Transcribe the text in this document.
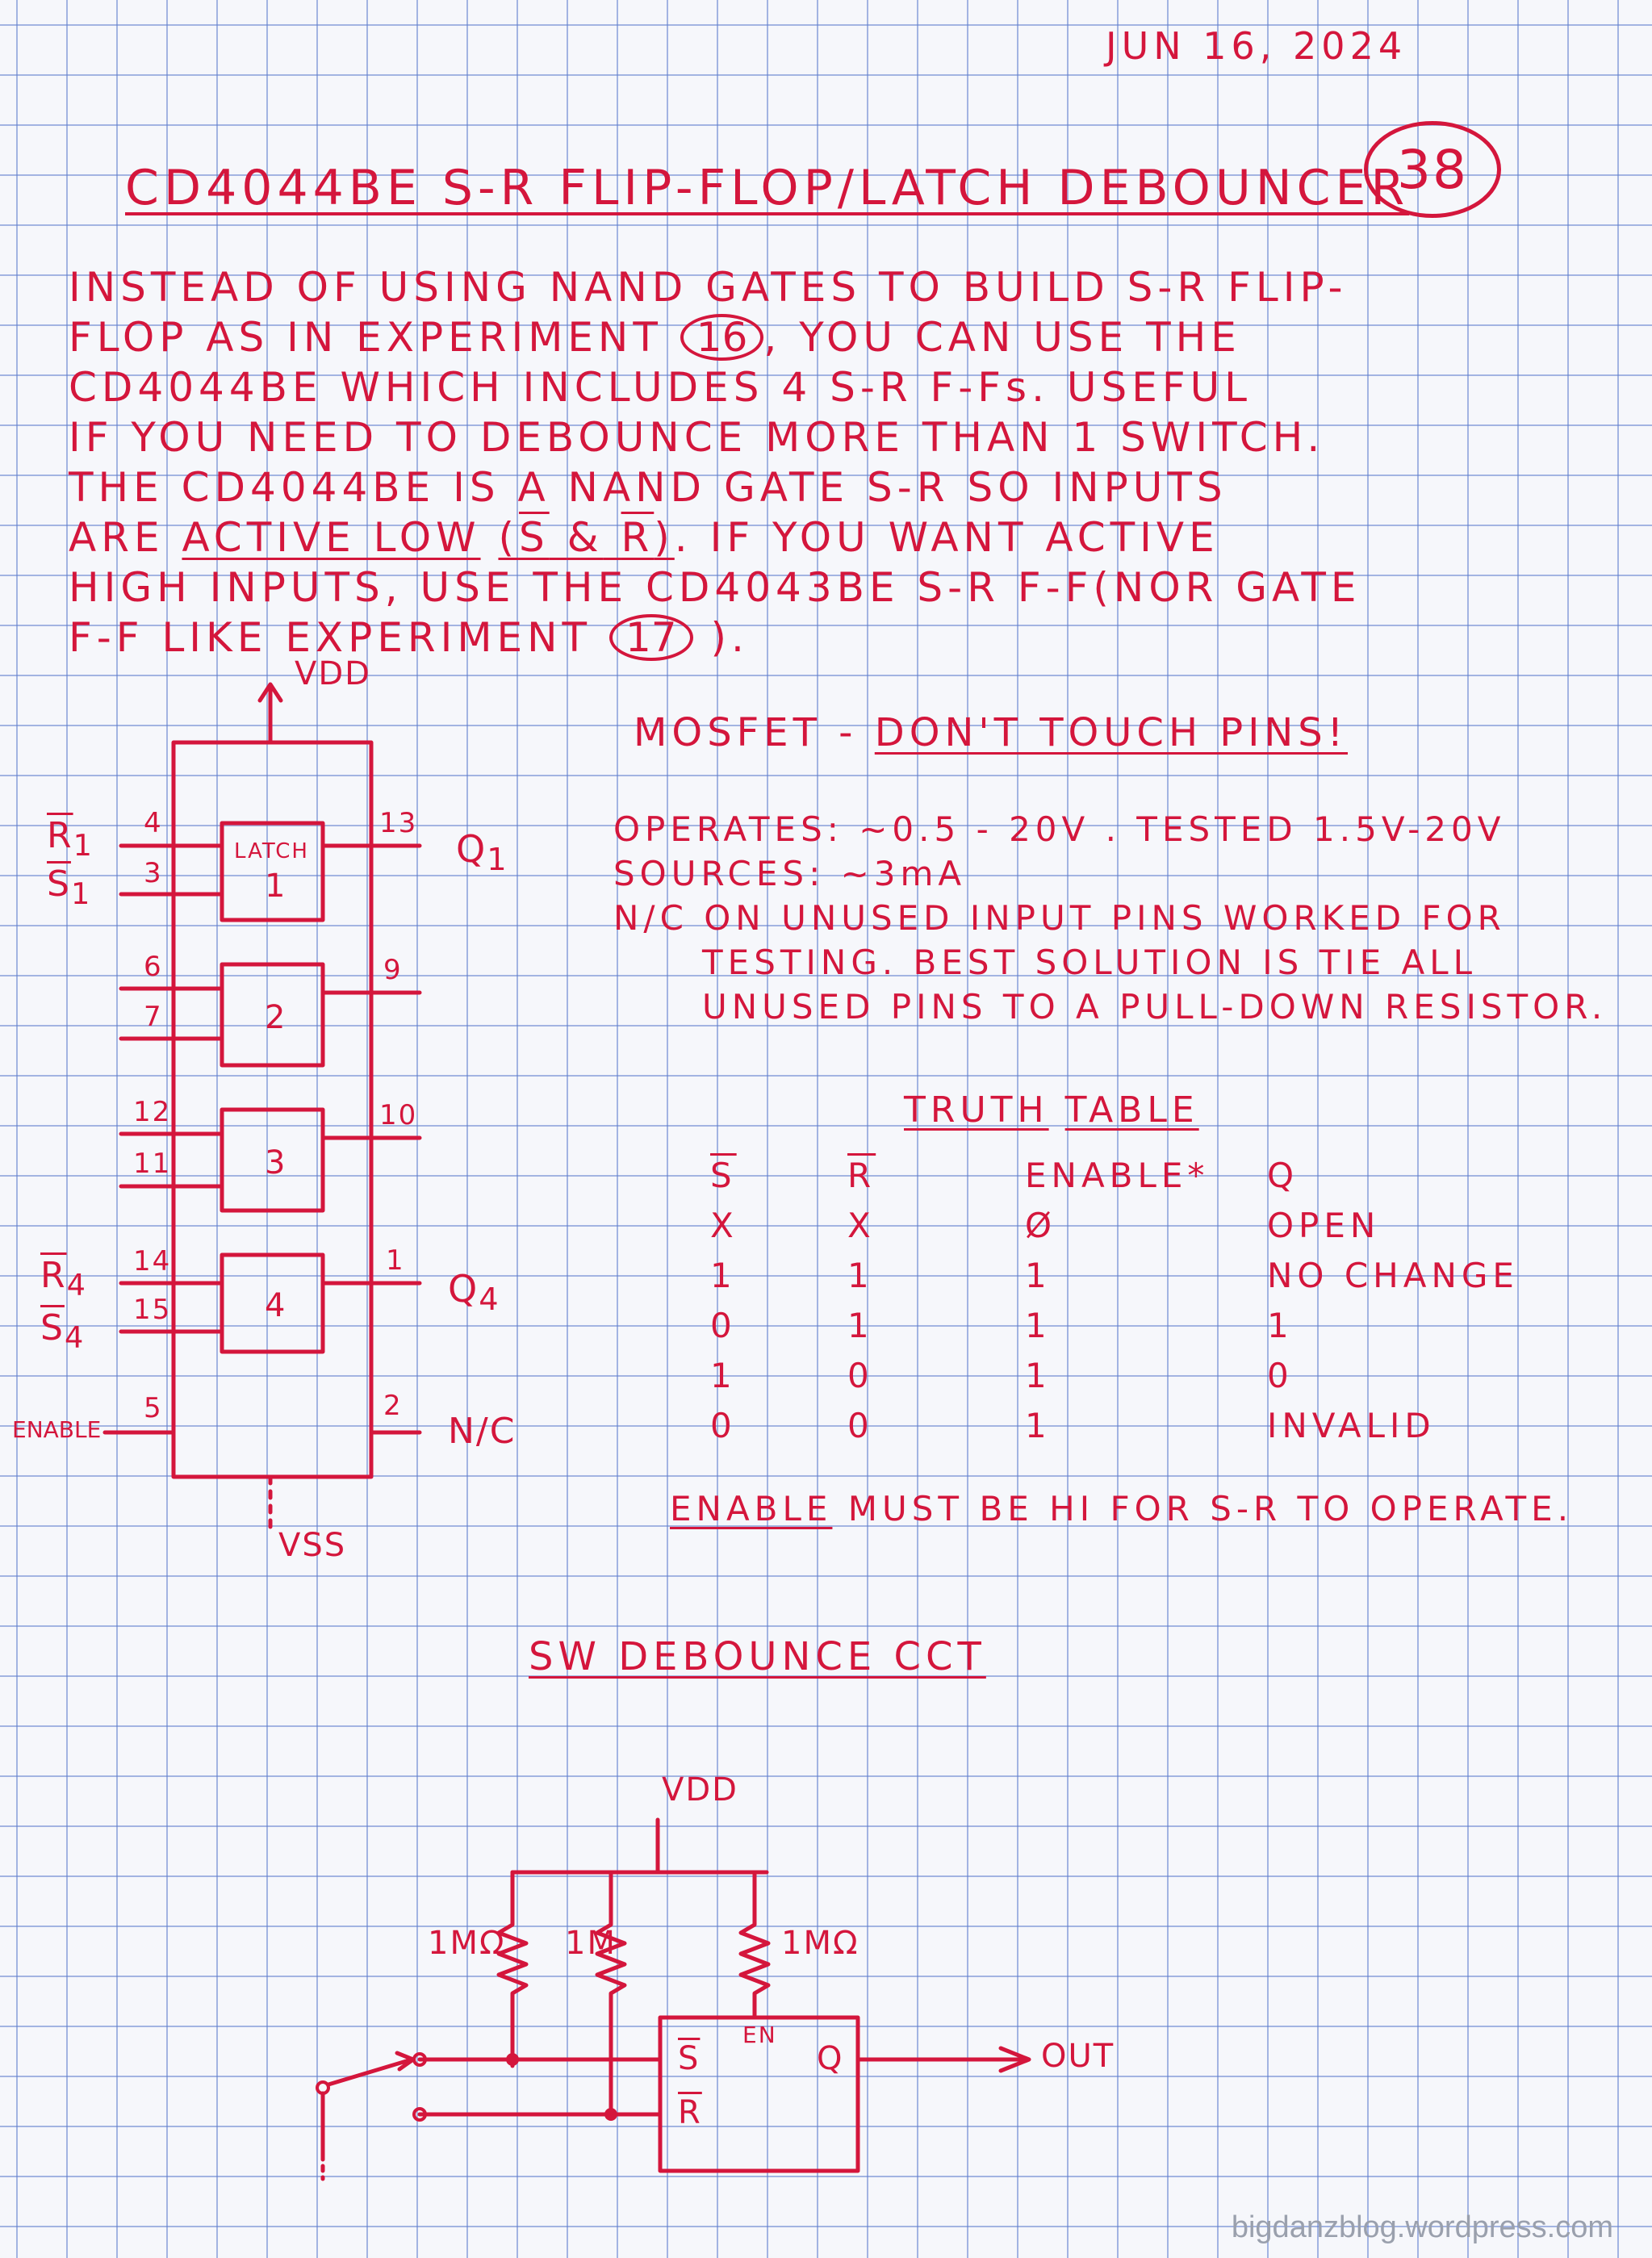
JUN 16, 2024
38
CD4044BE S-R FLIP-FLOP/LATCH DEBOUNCER
INSTEAD OF USING NAND GATES TO BUILD S-R FLIP-
FLOP AS IN EXPERIMENT 16 , YOU CAN USE THE
CD4044BE WHICH INCLUDES 4 S-R F-Fs. USEFUL
IF YOU NEED TO DEBOUNCE MORE THAN 1 SWITCH.
THE CD4044BE IS A NAND GATE S-R SO INPUTS
ARE ACTIVE LOW (S & R). IF YOU WANT ACTIVE
HIGH INPUTS, USE THE CD4043BE S-R F-F(NOR GATE
F-F LIKE EXPERIMENT 17 ).
VDD
VSS
LATCH
1
2
3
4
4
3
6
7
12
11
14
15
5
13
9
10
1
2
$\overline{R}_1$
$\overline{S}_1$
$\overline{R}_4$
$\overline{S}_4$
ENABLE
$Q_1$
$Q_4$
N/C
MOSFET - DON'T TOUCH PINS!
OPERATES: ~0.5 - 20V . TESTED 1.5V-20V
SOURCES: ~3mA
N/C ON UNUSED INPUT PINS WORKED FOR
TESTING. BEST SOLUTION IS TIE ALL
UNUSED PINS TO A PULL-DOWN RESISTOR.
TRUTH TABLE
$\overline{S}$	$\overline{R}$	ENABLE*	Q
X	X	Ø	OPEN
1	1	1	NO CHANGE
0	1	1	1
1	0	1	0
0	0	1	INVALID
ENABLE MUST BE HI FOR S-R TO OPERATE.
SW DEBOUNCE CCT
VDD
1MΩ 1M	1MΩ
EN
$\overline{S}$
$\overline{R}$
Q	OUT
bigdanzblog.wordpress.com
